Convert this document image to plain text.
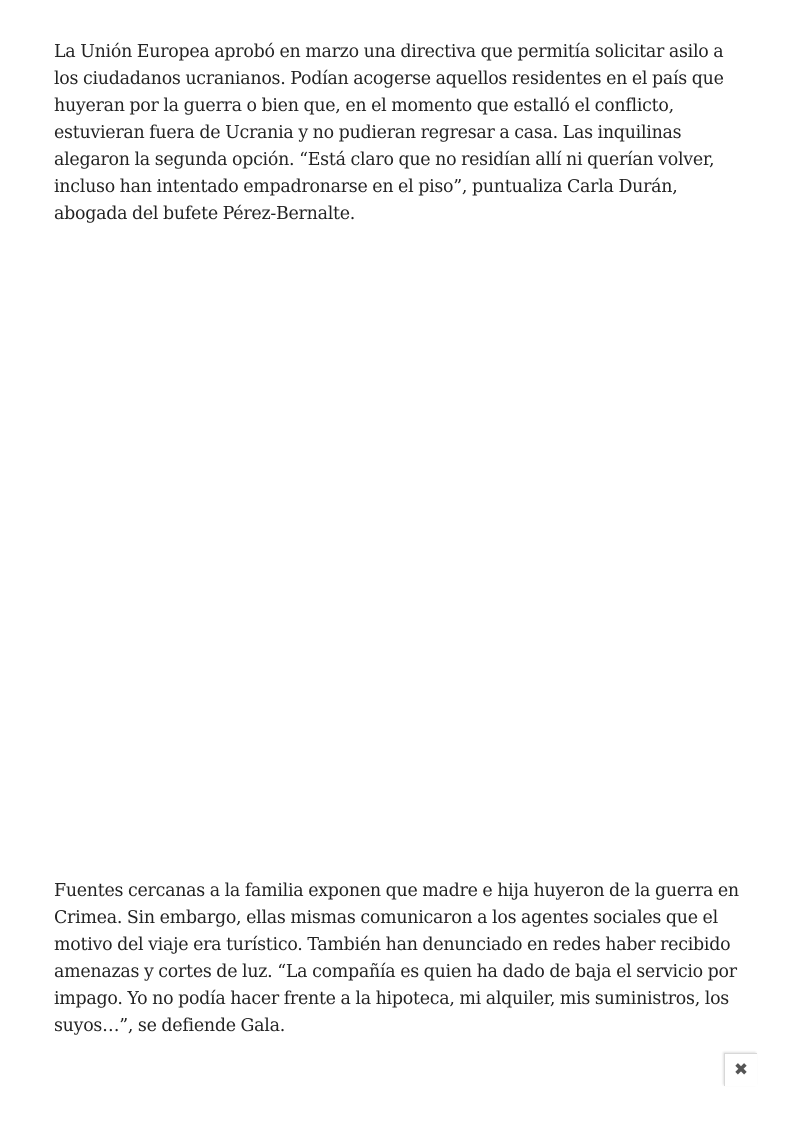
La Unión Europea aprobó en marzo una directiva que permitía solicitar asilo a los ciudadanos ucranianos. Podían acogerse aquellos residentes en el país que huyeran por la guerra o bien que, en el momento que estalló el conflicto, estuvieran fuera de Ucrania y no pudieran regresar a casa. Las inquilinas alegaron la segunda opción. “Está claro que no residían allí ni querían volver, incluso han intentado empadronarse en el piso”, puntualiza Carla Durán, abogada del bufete Pérez-Bernalte.

Fuentes cercanas a la familia exponen que madre e hija huyeron de la guerra en Crimea. Sin embargo, ellas mismas comunicaron a los agentes sociales que el motivo del viaje era turístico. También han denunciado en redes haber recibido amenazas y cortes de luz. “La compañía es quien ha dado de baja el servicio por impago. Yo no podía hacer frente a la hipoteca, mi alquiler, mis suministros, los suyos…”, se defiende Gala.

✖
